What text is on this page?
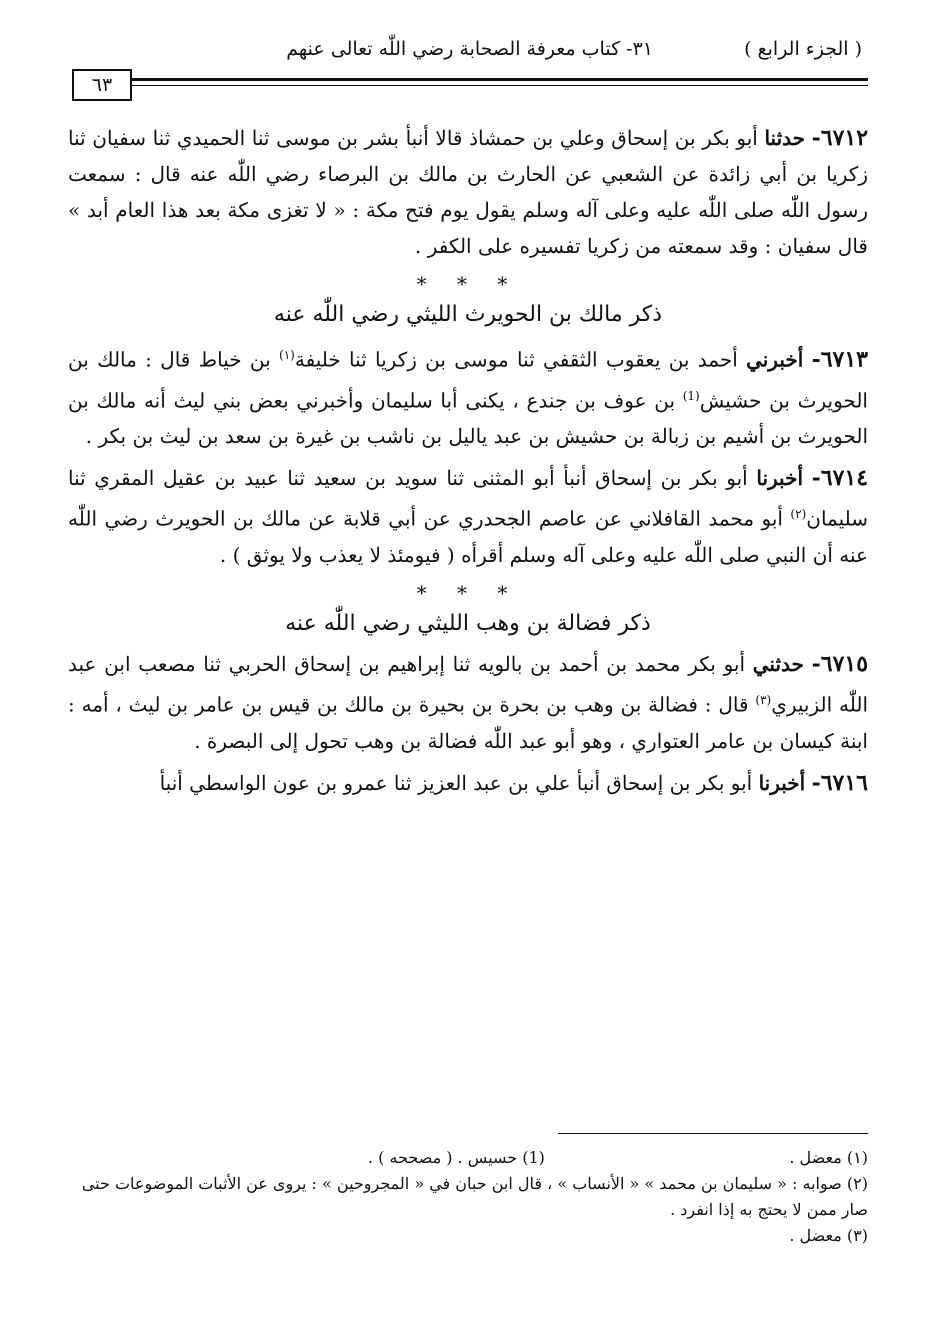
( الجزء الرابع )
٣١- كتاب معرفة الصحابة رضي اللّٰه تعالى عنهم
٦٣

٦٧١٢- حدثنا أبو بكر بن إسحاق وعلي بن حمشاذ قالا أنبأ بشر بن موسى ثنا الحميدي ثنا سفيان ثنا زكريا بن أبي زائدة عن الشعبي عن الحارث بن مالك بن البرصاء رضي اللّٰه عنه قال : سمعت رسول اللّٰه صلى اللّٰه عليه وعلى آله وسلم يقول يوم فتح مكة : « لا تغزى مكة بعد هذا العام أبد » قال سفيان : وقد سمعته من زكريا تفسيره على الكفر .

* * *
ذكر مالك بن الحويرث الليثي رضي اللّٰه عنه

٦٧١٣- أخبرني أحمد بن يعقوب الثقفي ثنا موسى بن زكريا ثنا خليفة$^{(١)}$ بن خياط قال : مالك بن الحويرث بن حشيش$^{(1)}$ بن عوف بن جندع ، يكنى أبا سليمان وأخبرني بعض بني ليث أنه مالك بن الحويرث بن أشيم بن زبالة بن حشيش بن عبد ياليل بن ناشب بن غيرة بن سعد بن ليث بن بكر .

٦٧١٤- أخبرنا أبو بكر بن إسحاق أنبأ أبو المثنى ثنا سويد بن سعيد ثنا عبيد بن عقيل المقري ثنا سليمان$^{(٢)}$ أبو محمد القافلاني عن عاصم الجحدري عن أبي قلابة عن مالك بن الحويرث رضي اللّٰه عنه أن النبي صلى اللّٰه عليه وعلى آله وسلم أقرأه ( فيومئذ لا يعذب ولا يوثق ) .

* * *
ذكر فضالة بن وهب الليثي رضي اللّٰه عنه

٦٧١٥- حدثني أبو بكر محمد بن أحمد بن بالويه ثنا إبراهيم بن إسحاق الحربي ثنا مصعب ابن عبد اللّٰه الزبيري$^{(٣)}$ قال : فضالة بن وهب بن بحرة بن بحيرة بن مالك بن قيس بن عامر بن ليث ، أمه : ابنة كيسان بن عامر العتواري ، وهو أبو عبد اللّٰه فضالة بن وهب تحول إلى البصرة .

٦٧١٦- أخبرنا أبو بكر بن إسحاق أنبأ علي بن عبد العزيز ثنا عمرو بن عون الواسطي أنبأ

(١) معضل .

(1) حسيس . ( مصححه ) .

(٢) صوابه : « سليمان بن محمد » « الأنساب » ، قال ابن حبان في « المجروحين » : يروى عن الأثبات الموضوعات حتى صار ممن لا يحتج به إذا انفرد .

(٣) معضل .
